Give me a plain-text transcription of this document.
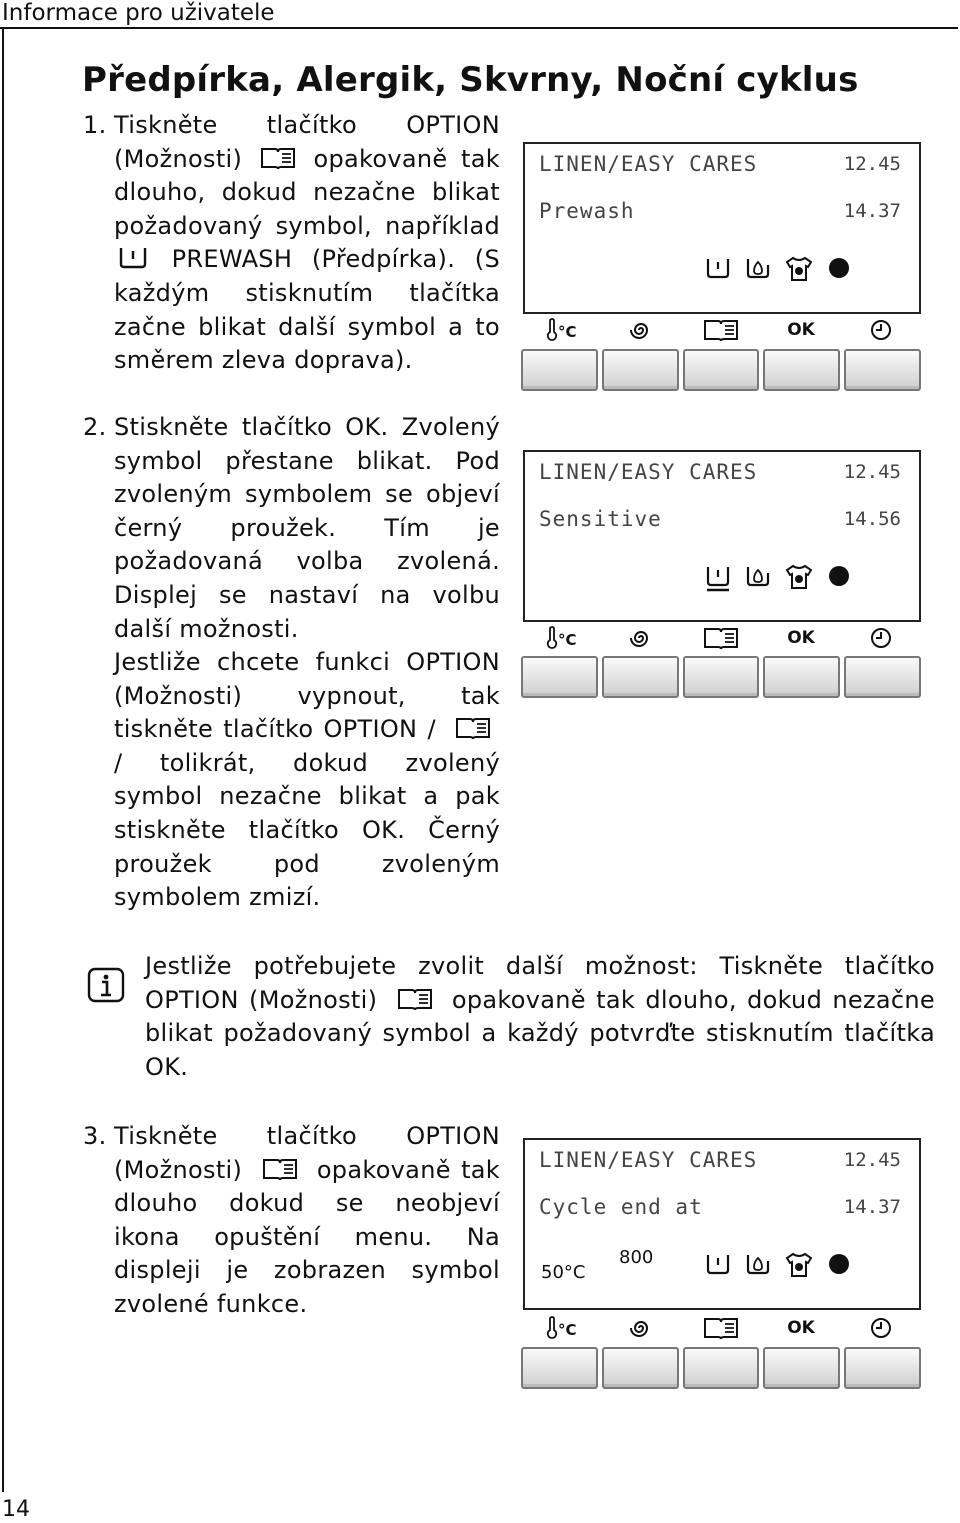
Informace pro uživatele
14
Předpírka, Alergik, Skvrny, Noční cyklus
1. Tiskněte tlačítko OPTION (Možnosti)	opakovaně tak dlouho, dokud nezačne blikat požadovaný symbol, například  PREWASH (Předpírka). (S každým stisknutím tlačítka začne blikat další symbol a to směrem zleva doprava).
2. Stiskněte tlačítko OK. Zvolený symbol přestane blikat. Pod zvoleným symbolem se objeví černý proužek. Tím je požadovaná volba zvolená. Displej se nastaví na volbu další možnosti.
Jestliže chcete funkci OPTION (Možnosti) vypnout, tak tiskněte tlačítko OPTION /  / tolikrát, dokud zvolený symbol nezačne blikat a pak stiskněte tlačítko OK. Černý proužek pod zvoleným symbolem zmizí.
LINEN/EASY CARES	12.45
Prewash	14.37
°C	OK
LINEN/EASY CARES	12.45
Sensitive	14.56
°C	OK
Jestliže potřebujete zvolit další možnost: Tiskněte tlačítko OPTION (Možnosti)	opakovaně tak dlouho, dokud nezačne blikat požadovaný symbol a každý potvrďte stisknutím tlačítka OK.
3. Tiskněte tlačítko OPTION (Možnosti)	opakovaně tak dlouho dokud se neobjeví ikona opuštění menu. Na displeji je zobrazen symbol zvolené funkce.
LINEN/EASY CARES	12.45
Cycle end at	14.37
50°C
800
°C	OK
